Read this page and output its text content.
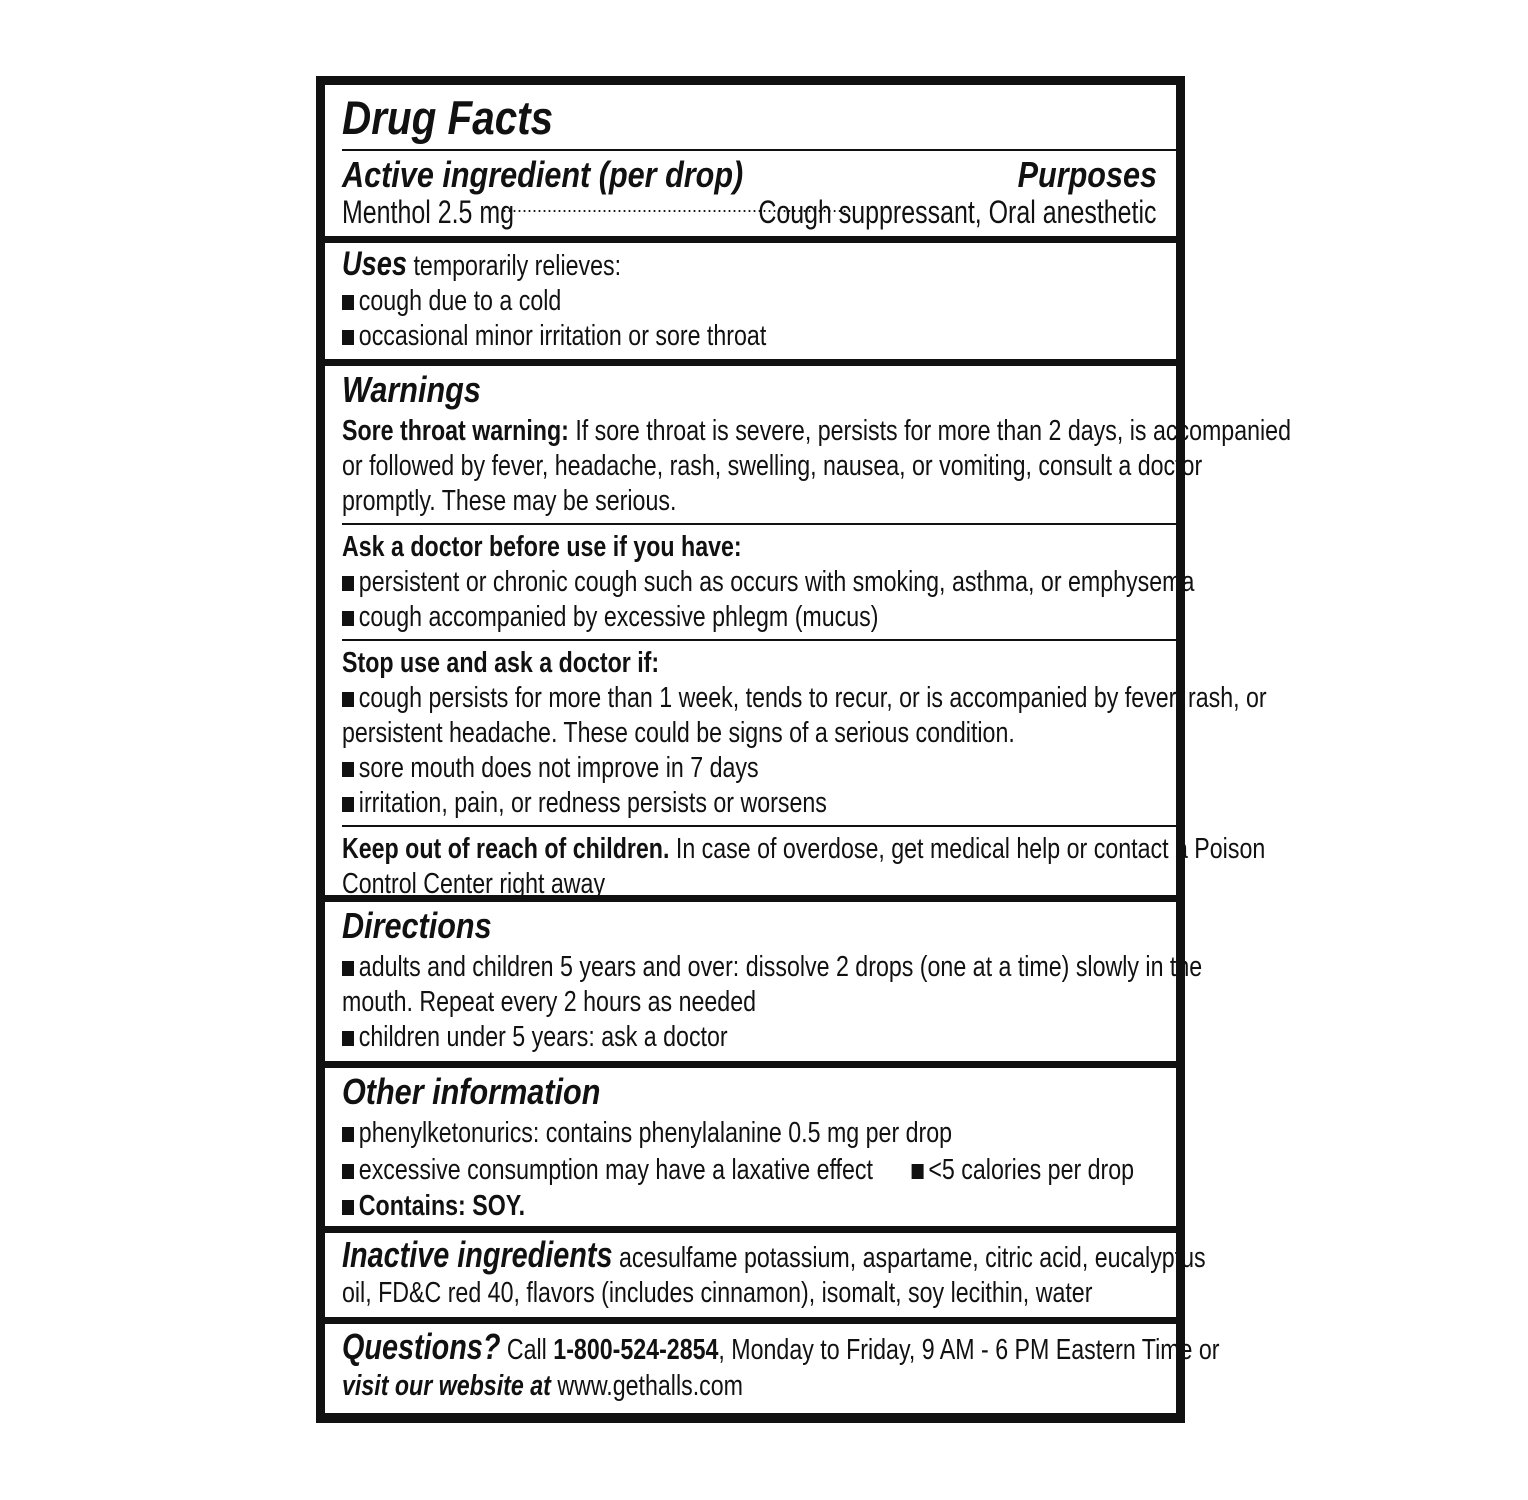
Drug Facts
Active ingredient (per drop)	Purposes
Menthol 2.5 mg
......................................................................
Cough suppressant, Oral anesthetic
Uses temporarily relieves:
cough due to a cold
occasional minor irritation or sore throat
Warnings
Sore throat warning: If sore throat is severe, persists for more than 2 days, is accompanied
or followed by fever, headache, rash, swelling, nausea, or vomiting, consult a doctor
promptly. These may be serious.
Ask a doctor before use if you have:
persistent or chronic cough such as occurs with smoking, asthma, or emphysema
cough accompanied by excessive phlegm (mucus)
Stop use and ask a doctor if:
cough persists for more than 1 week, tends to recur, or is accompanied by fever, rash, or
persistent headache. These could be signs of a serious condition.
sore mouth does not improve in 7 days
irritation, pain, or redness persists or worsens
Keep out of reach of children. In case of overdose, get medical help or contact a Poison
Control Center right away
Directions
adults and children 5 years and over: dissolve 2 drops (one at a time) slowly in the
mouth. Repeat every 2 hours as needed
children under 5 years: ask a doctor
Other information
phenylketonurics: contains phenylalanine 0.5 mg per drop
excessive consumption may have a laxative effect <5 calories per drop
Contains: SOY.
Inactive ingredients acesulfame potassium, aspartame, citric acid, eucalyptus
oil, FD&C red 40, flavors (includes cinnamon), isomalt, soy lecithin, water
Questions? Call 1-800-524-2854, Monday to Friday, 9 AM - 6 PM Eastern Time or
visit our website at www.gethalls.com
